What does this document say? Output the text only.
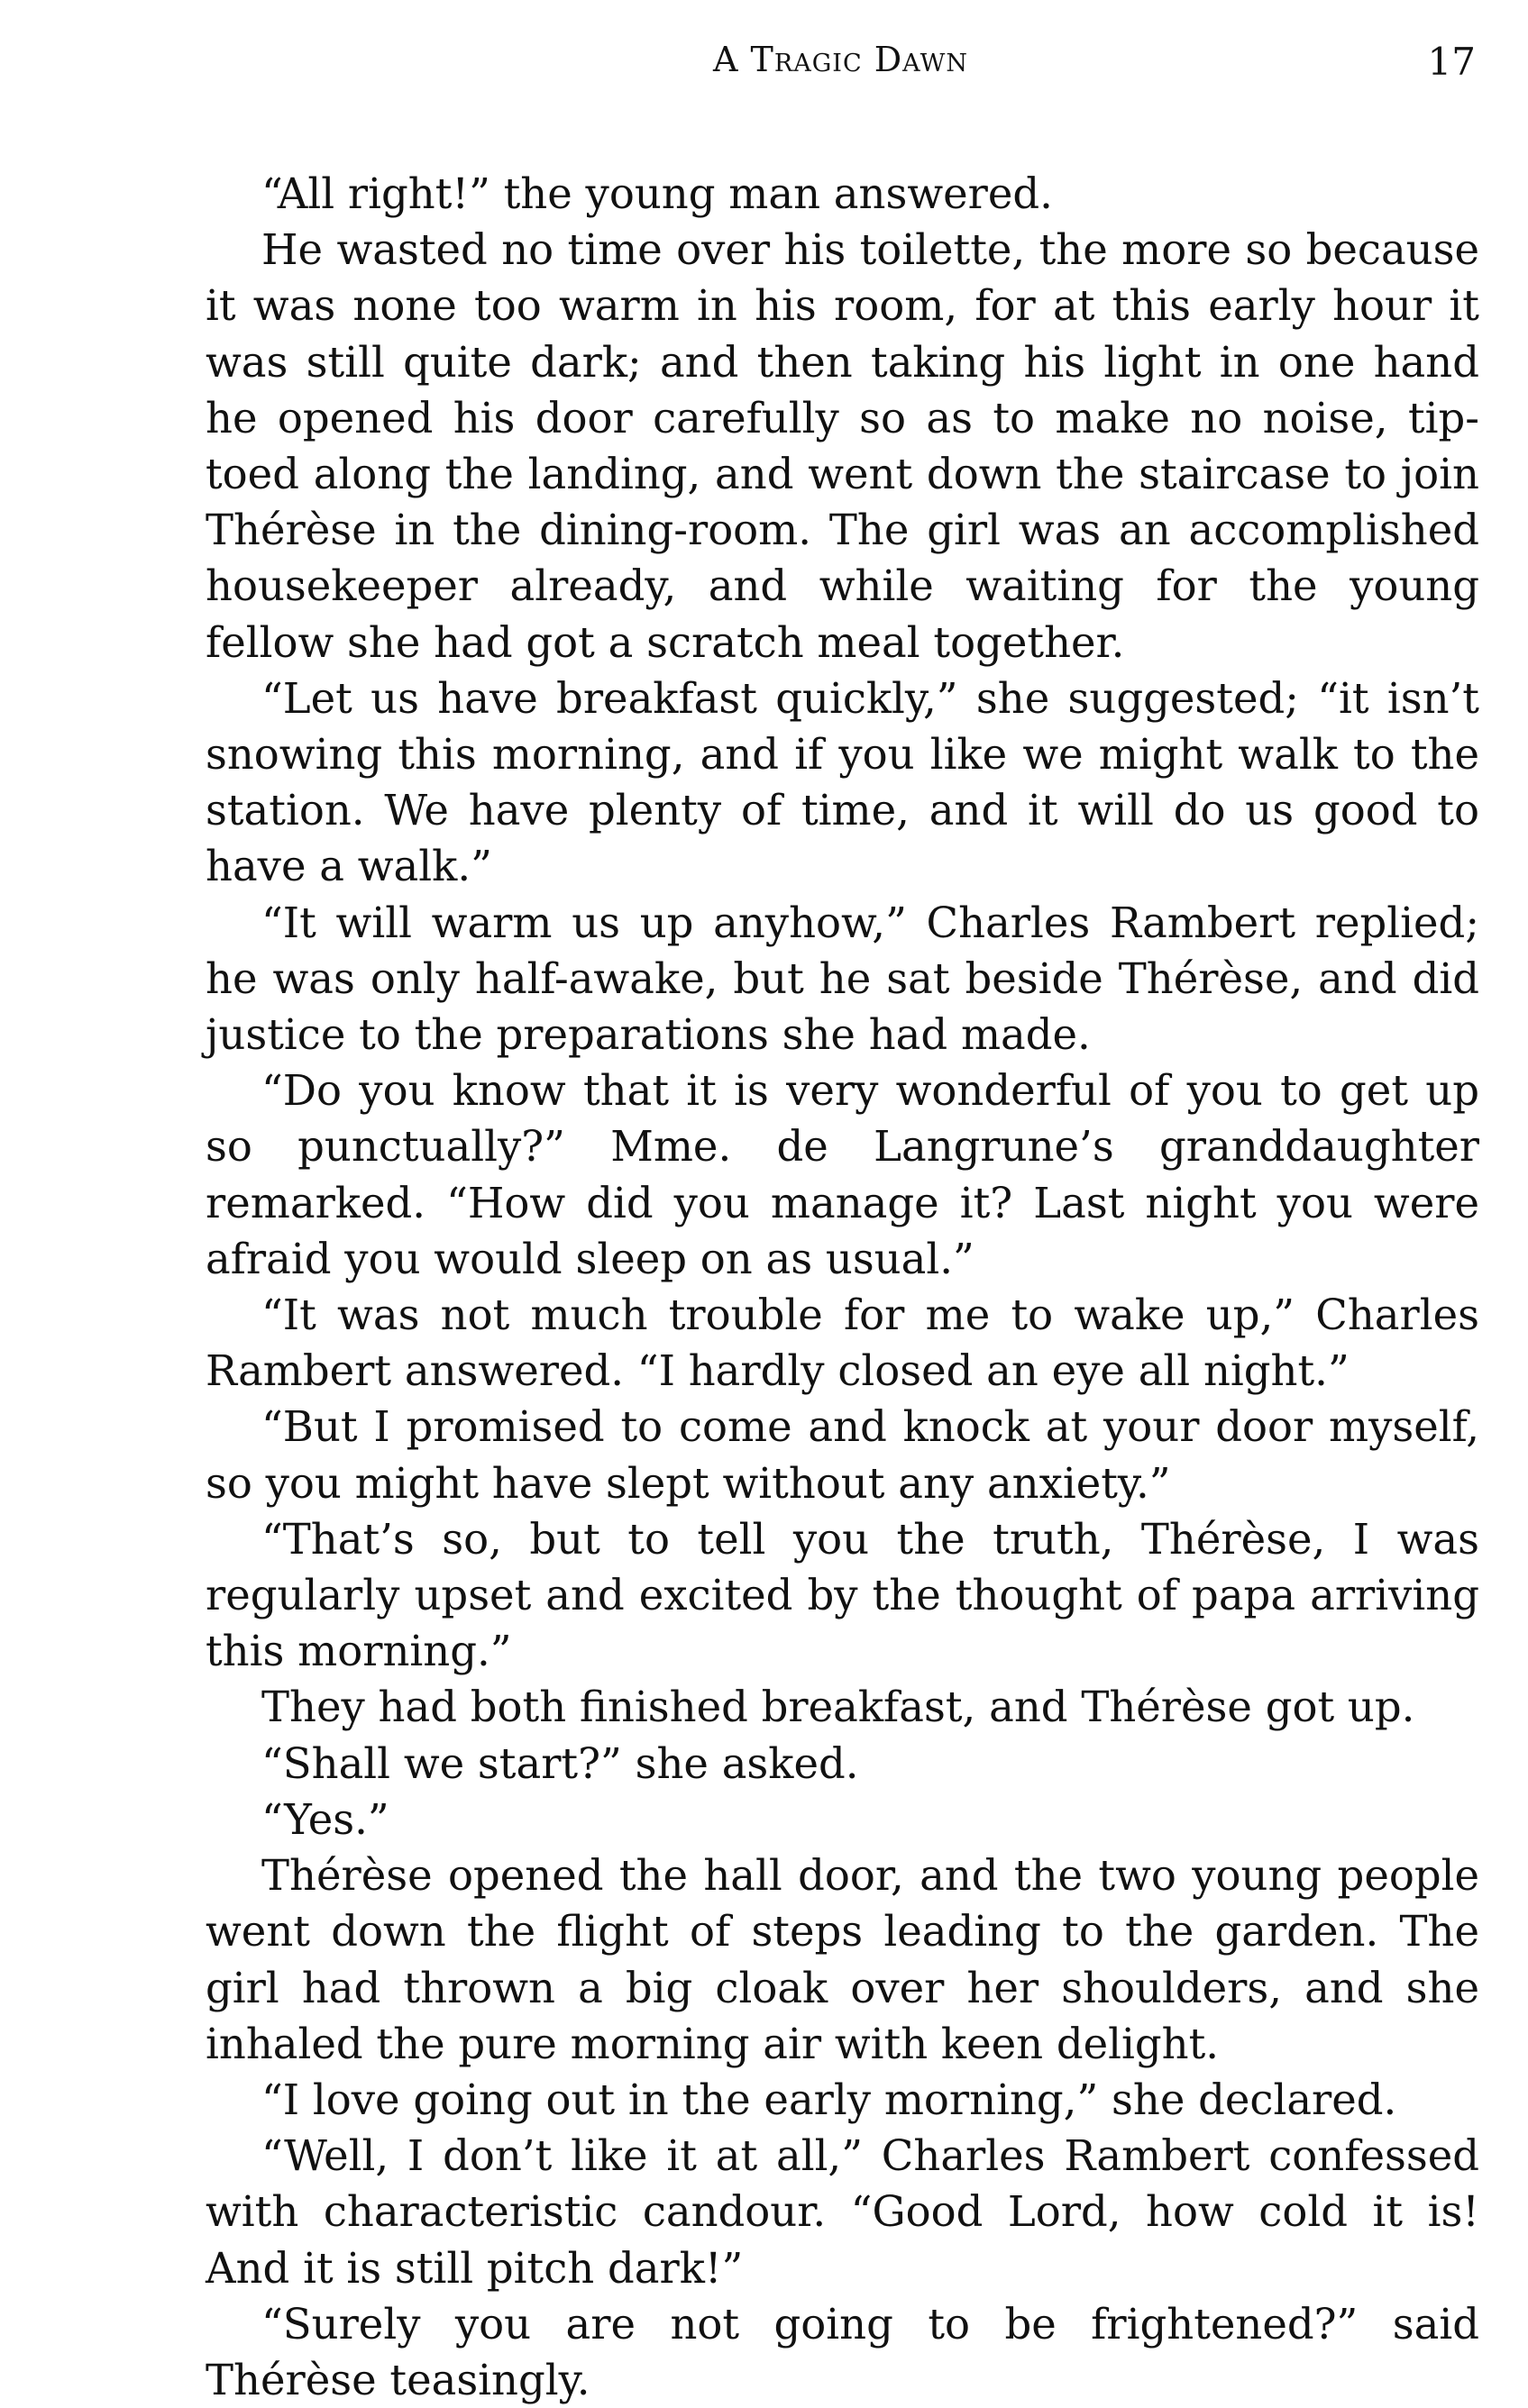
A Tragic Dawn	17

“All right!” the young man answered.

He wasted no time over his toilette, the more so because it was none too warm in his room, for at this early hour it was still quite dark; and then taking his light in one hand he opened his door carefully so as to make no noise, tip-toed along the landing, and went down the staircase to join Thérèse in the dining-room. The girl was an accomplished housekeeper already, and while waiting for the young fellow she had got a scratch meal together.

“Let us have breakfast quickly,” she suggested; “it isn’t snowing this morning, and if you like we might walk to the station. We have plenty of time, and it will do us good to have a walk.”

“It will warm us up anyhow,” Charles Rambert replied; he was only half-awake, but he sat beside Thérèse, and did justice to the preparations she had made.

“Do you know that it is very wonderful of you to get up so punctually?” Mme. de Langrune’s granddaughter remarked. “How did you manage it? Last night you were afraid you would sleep on as usual.”

“It was not much trouble for me to wake up,” Charles Rambert answered. “I hardly closed an eye all night.”

“But I promised to come and knock at your door myself, so you might have slept without any anxiety.”

“That’s so, but to tell you the truth, Thérèse, I was regularly upset and excited by the thought of papa arriving this morning.”

They had both finished breakfast, and Thérèse got up.

“Shall we start?” she asked.

“Yes.”

Thérèse opened the hall door, and the two young people went down the flight of steps leading to the garden. The girl had thrown a big cloak over her shoulders, and she inhaled the pure morning air with keen delight.

“I love going out in the early morning,” she declared.

“Well, I don’t like it at all,” Charles Rambert confessed with characteristic candour. “Good Lord, how cold it is! And it is still pitch dark!”

“Surely you are not going to be frightened?” said Thérèse teasingly.
